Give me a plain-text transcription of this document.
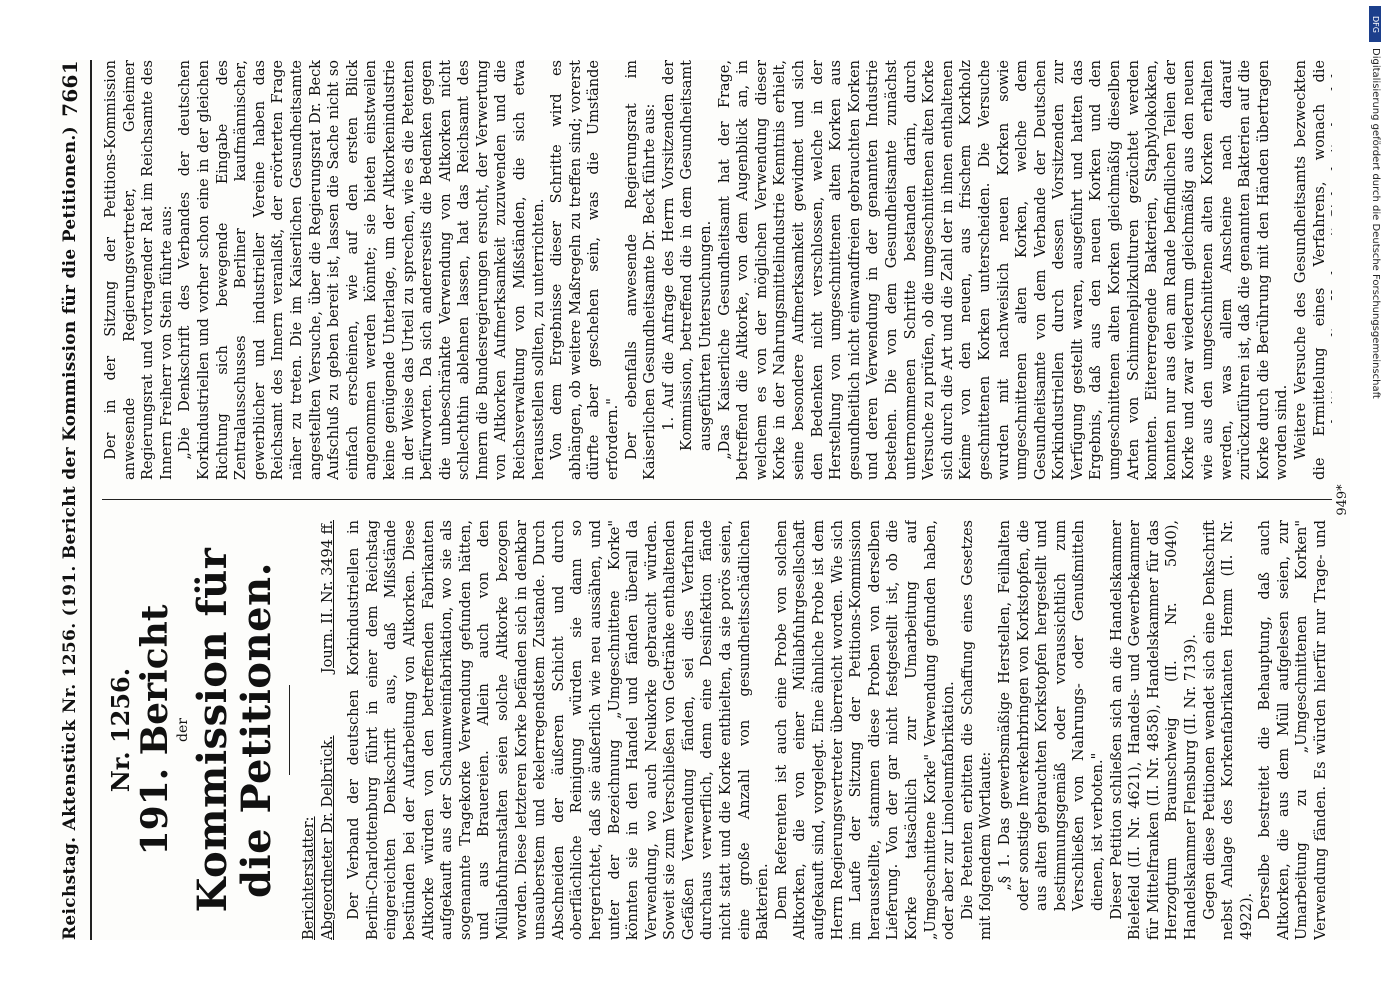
Reichstag. Aktenstück Nr. 1256. (191. Bericht der Kommission für die Petitionen.)
7661
Nr. 1256. 191. Bericht der
Kommission für die Petitionen. Berichterstatter: Abgeordneter Dr. Delbrück.
Journ. II. Nr. 3494 ff. Der Verband der deutschen Korkindustriellen in Berlin-Charlottenburg führt in einer dem Reichstag eingereichten Denkschrift aus, daß Mißstände bestünden bei der Aufarbeitung von Altkorken. Diese Altkorke würden von den betreffenden Fabrikanten aufgekauft aus der Schaumweinfabrikation, wo sie als sogenannte Tragekorke Verwendung gefunden hätten, und aus Brauereien. Allein auch von den Müllabfuhranstalten seien solche Altkorke bezogen worden. Diese letzteren Korke befänden sich in denkbar unsauberstem und ekelerregendstem Zustande. Durch Abschneiden der äußeren Schicht und durch oberflächliche Reinigung würden sie dann so hergerichtet, daß sie äußerlich wie neu aussähen, und unter der Bezeichnung „Umgeschnittene Korke" könnten sie in den Handel und fänden überall da Verwendung, wo auch Neukorke gebraucht würden. Soweit sie zum Verschließen von Getränke enthaltenden Gefäßen Verwendung fänden, sei dies Verfahren durchaus verwerflich, denn eine Desinfektion fände nicht statt und die Korke enthielten, da sie porös seien, eine große Anzahl von gesundheitsschädlichen Bakterien. Dem Referenten ist auch eine Probe von solchen Altkorken, die von einer Müllabfuhrgesellschaft aufgekauft sind, vorgelegt. Eine ähnliche Probe ist dem Herrn Regierungsvertreter überreicht worden. Wie sich im Laufe der Sitzung der Petitions-Kommission herausstellte, stammen diese Proben von derselben Lieferung. Von der gar nicht festgestellt ist, ob die Korke tatsächlich zur Umarbeitung auf „Umgeschnittene Korke" Verwendung gefunden haben, oder aber zur Linoleumfabrikation. Die Petenten erbitten die Schaffung eines Gesetzes mit folgendem Wortlaute: „§ 1. Das gewerbsmäßige Herstellen, Feilhalten oder sonstige Inverkehrbringen von Korkstopfen, die aus alten gebrauchten Korkstopfen hergestellt und bestimmungsgemäß oder voraussichtlich zum Verschließen von Nahrungs- oder Genußmitteln dienen, ist verboten." Dieser Petition schließen sich an die Handelskammer Bielefeld (II. Nr. 4621), Handels- und Gewerbekammer für Mittelfranken (II. Nr. 4858), Handelskammer für das Herzogtum Braunschweig (II. Nr. 5040), Handelskammer Flensburg (II. Nr. 7139). Gegen diese Petitionen wendet sich eine Denkschrift nebst Anlage des Korkenfabrikanten Hemm (II. Nr. 4922). Derselbe bestreitet die Behauptung, daß auch Altkorken, die aus dem Müll aufgelesen seien, zur Umarbeitung zu „Umgeschnittenen Korken" Verwendung fänden. Es würden hierfür nur Trage- und

Der in der Sitzung der Petitions-Kommission anwesende Regierungsvertreter, Geheimer Regierungsrat und vortragender Rat im Reichsamte des Innern Freiherr von Stein führte aus: „Die Denkschrift des Verbandes der deutschen Korkindustriellen und vorher schon eine in der gleichen Richtung sich bewegende Eingabe des Zentralausschusses Berliner kaufmännischer, gewerblicher und industrieller Vereine haben das Reichsamt des Innern veranlaßt, der erörterten Frage näher zu treten. Die im Kaiserlichen Gesundheitsamte angestellten Versuche, über die Regierungsrat Dr. Beck Aufschluß zu geben bereit ist, lassen die Sache nicht so einfach erscheinen, wie auf den ersten Blick angenommen werden könnte; sie bieten einstweilen keine genügende Unterlage, um der Altkorkenindustrie in der Weise das Urteil zu sprechen, wie es die Petenten befürworten. Da sich andererseits die Bedenken gegen die unbeschränkte Verwendung von Altkorken nicht schlechthin ablehnen lassen, hat das Reichsamt des Innern die Bundesregierungen ersucht, der Verwertung von Altkorken Aufmerksamkeit zuzuwenden und die Reichsverwaltung von Mißständen, die sich etwa herausstellen sollten, zu unterrichten. Von dem Ergebnisse dieser Schritte wird es abhängen, ob weitere Maßregeln zu treffen sind; vorerst dürfte aber geschehen sein, was die Umstände erfordern." Der ebenfalls anwesende Regierungsrat im Kaiserlichen Gesundheitsamte Dr. Beck führte aus: 1. Auf die Anfrage des Herrn Vorsitzenden der Kommission, betreffend die in dem Gesundheitsamt ausgeführten Untersuchungen. „Das Kaiserliche Gesundheitsamt hat der Frage, betreffend die Altkorke, von dem Augenblick an, in welchem es von der möglichen Verwendung dieser Korke in der Nahrungsmittelindustrie Kenntnis erhielt, seine besondere Aufmerksamkeit gewidmet und sich den Bedenken nicht verschlossen, welche in der Herstellung von umgeschnittenen alten Korken aus gesundheitlich nicht einwandfreien gebrauchten Korken und deren Verwendung in der genannten Industrie bestehen. Die von dem Gesundheitsamte zunächst unternommenen Schritte bestanden darin, durch Versuche zu prüfen, ob die umgeschnittenen alten Korke sich durch die Art und die Zahl der in ihnen enthaltenen Keime von den neuen, aus frischem Korkholz geschnittenen Korken unterscheiden. Die Versuche wurden mit nachweislich neuen Korken sowie umgeschnittenen alten Korken, welche dem Gesundheitsamte von dem Verbande der Deutschen Korkindustriellen durch dessen Vorsitzenden zur Verfügung gestellt waren, ausgeführt und hatten das Ergebnis, daß aus den neuen Korken und den umgeschnittenen alten Korken gleichmäßig dieselben Arten von Schimmelpilzkulturen gezüchtet werden konnten. Eitererregende Bakterien, Staphylokokken, konnten nur aus den am Rande befindlichen Teilen der Korke und zwar wiederum gleichmäßig aus den neuen wie aus den umgeschnittenen alten Korken erhalten werden, was allem Anscheine nach darauf zurückzuführen ist, daß die genannten Bakterien auf die Korke durch die Berührung mit den Händen übertragen worden sind. Weitere Versuche des Gesundheitsamts bezweckten die Ermittelung eines Verfahrens, wonach die

949*
DFG
Digitalisierung gefördert durch die Deutsche Forschungsgemeinschaft
